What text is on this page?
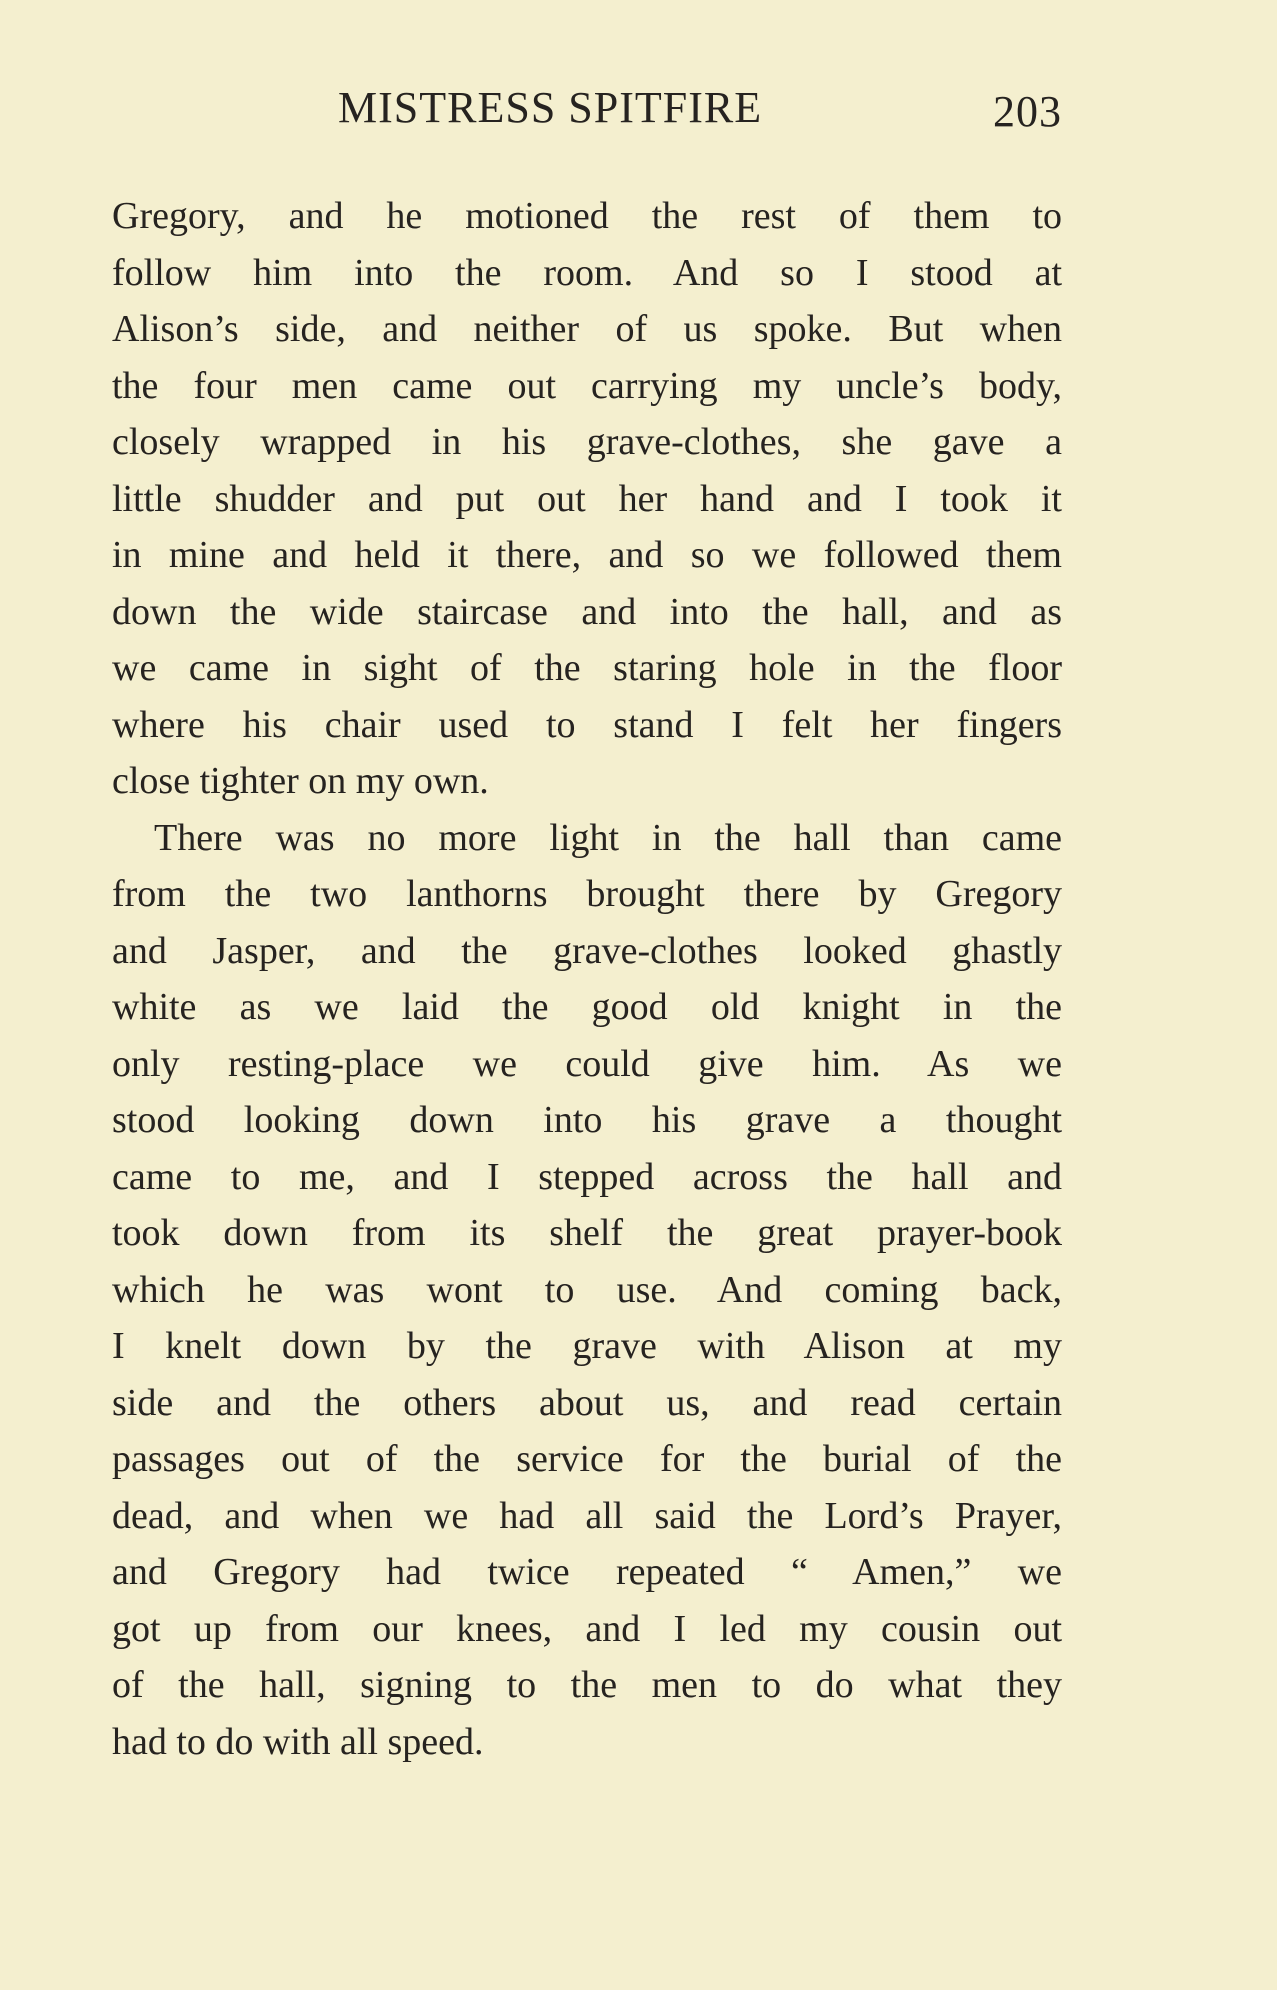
MISTRESS SPITFIRE	203
Gregory, and he motioned the rest of them to
follow him into the room. And so I stood at
Alison’s side, and neither of us spoke. But when
the four men came out carrying my uncle’s body,
closely wrapped in his grave-clothes, she gave a
little shudder and put out her hand and I took it
in mine and held it there, and so we followed them
down the wide staircase and into the hall, and as
we came in sight of the staring hole in the floor
where his chair used to stand I felt her fingers
close tighter on my own.
There was no more light in the hall than came
from the two lanthorns brought there by Gregory
and Jasper, and the grave-clothes looked ghastly
white as we laid the good old knight in the
only resting-place we could give him. As we
stood looking down into his grave a thought
came to me, and I stepped across the hall and
took down from its shelf the great prayer-book
which he was wont to use. And coming back,
I knelt down by the grave with Alison at my
side and the others about us, and read certain
passages out of the service for the burial of the
dead, and when we had all said the Lord’s Prayer,
and Gregory had twice repeated “ Amen,” we
got up from our knees, and I led my cousin out
of the hall, signing to the men to do what they
had to do with all speed.
